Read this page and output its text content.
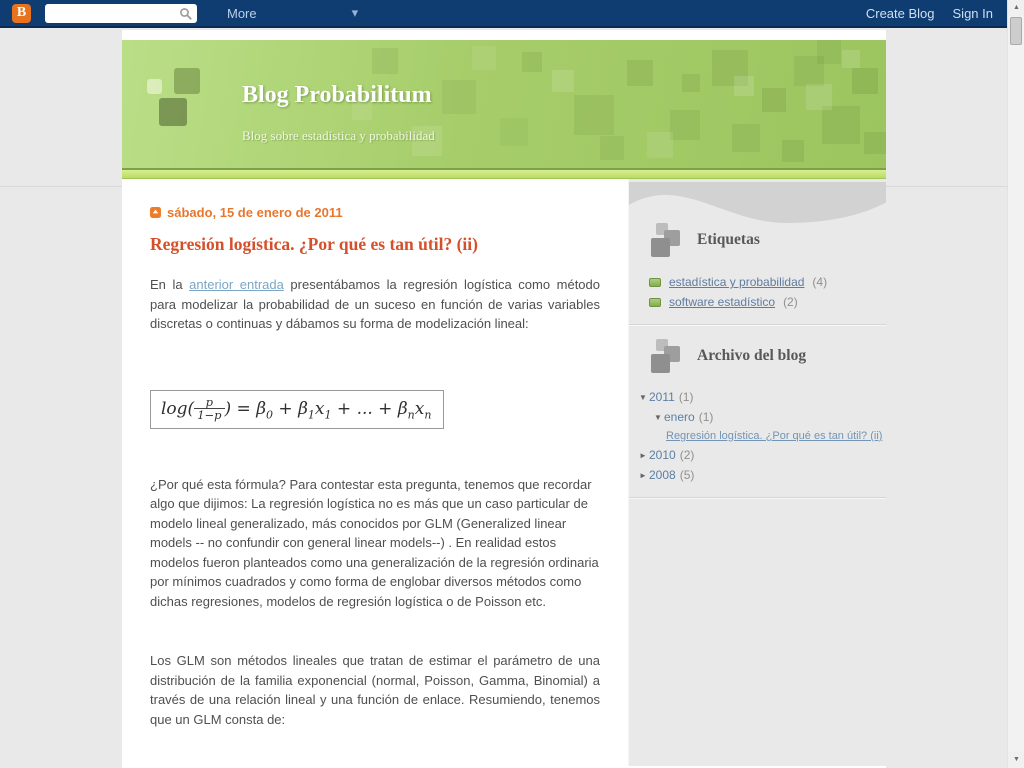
B	More	▾	Create Blog Sign In	▲
▼
Blog Probabilitum
Blog sobre estadística y probabilidad
sábado, 15 de enero de 2011
Regresión logística. ¿Por qué es tan útil? (ii)

En la anterior entrada presentábamos la regresión logística como método para modelizar la probabilidad de un suceso en función de varias variables discretas o continuas y dábamos su forma de modelización lineal:

$\log( \frac{p}{1-p}$ ) = $\beta_0 + \beta_1x_1$ + ... + $\beta_nx_n$

¿Por qué esta fórmula? Para contestar esta pregunta, tenemos que recordar algo que dijimos: La regresión logística no es más que un caso particular de modelo lineal generalizado, más conocidos por GLM (Generalized linear models -- no confundir con general linear models--) . En realidad estos modelos fueron planteados como una generalización de la regresión ordinaria por mínimos cuadrados y como forma de englobar diversos métodos como dichas regresiones, modelos de regresión logística o de Poisson etc.

Los GLM son métodos lineales que tratan de estimar el parámetro de una distribución de la familia exponencial (normal, Poisson, Gamma, Binomial) a través de una relación lineal y una función de enlace. Resumiendo, tenemos que un GLM consta de:

Etiquetas
estadística y probabilidad (4)
software estadístico (2)
Archivo del blog
▼ 2011 (1)
▼ enero (1)
Regresión logística. ¿Por qué es tan útil? (ii)
► 2010 (2)
► 2008 (5)
